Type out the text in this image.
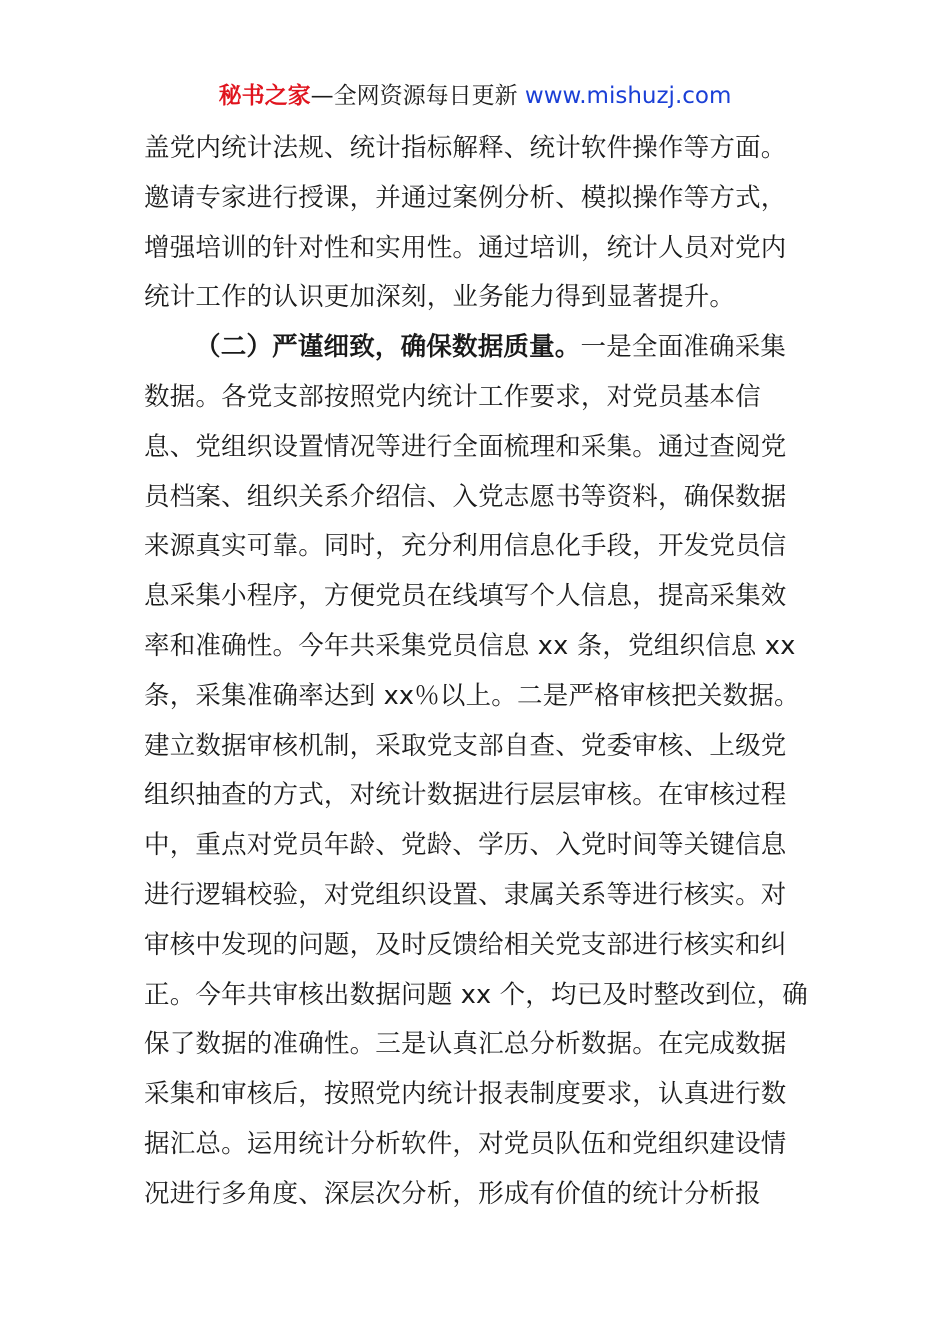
秘书之家—全网资源每日更新 www.mishuzj.com
盖党内统计法规、统计指标解释、统计软件操作等方面。
邀请专家进行授课，并通过案例分析、模拟操作等方式，
增强培训的针对性和实用性。通过培训，统计人员对党内
统计工作的认识更加深刻，业务能力得到显著提升。
（二）严谨细致，确保数据质量。一是全面准确采集
数据。各党支部按照党内统计工作要求，对党员基本信
息、党组织设置情况等进行全面梳理和采集。通过查阅党
员档案、组织关系介绍信、入党志愿书等资料，确保数据
来源真实可靠。同时，充分利用信息化手段，开发党员信
息采集小程序，方便党员在线填写个人信息，提高采集效
率和准确性。今年共采集党员信息 xx 条，党组织信息 xx
条，采集准确率达到 xx％以上。二是严格审核把关数据。
建立数据审核机制，采取党支部自查、党委审核、上级党
组织抽查的方式，对统计数据进行层层审核。在审核过程
中，重点对党员年龄、党龄、学历、入党时间等关键信息
进行逻辑校验，对党组织设置、隶属关系等进行核实。对
审核中发现的问题，及时反馈给相关党支部进行核实和纠
正。今年共审核出数据问题 xx 个，均已及时整改到位，确
保了数据的准确性。三是认真汇总分析数据。在完成数据
采集和审核后，按照党内统计报表制度要求，认真进行数
据汇总。运用统计分析软件，对党员队伍和党组织建设情
况进行多角度、深层次分析，形成有价值的统计分析报
